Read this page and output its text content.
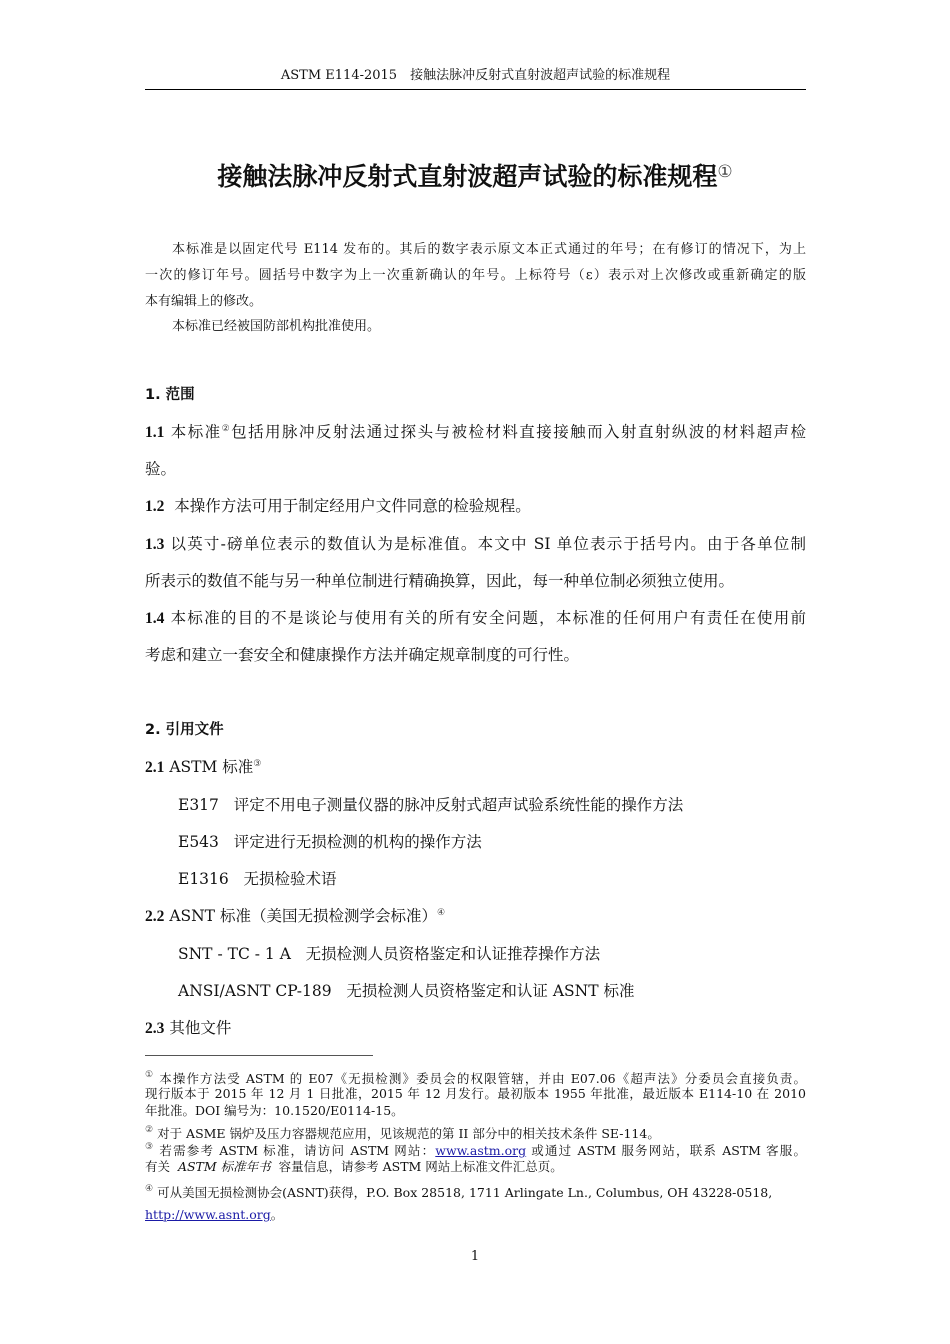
ASTM E114-2015　接触法脉冲反射式直射波超声试验的标准规程
接触法脉冲反射式直射波超声试验的标准规程①
本标准是以固定代号 E114 发布的。其后的数字表示原文本正式通过的年号；在有修订的情况下，为上
一次的修订年号。圆括号中数字为上一次重新确认的年号。上标符号（ε）表示对上次修改或重新确定的版
本有编辑上的修改。
本标准已经被国防部机构批准使用。
1. 范围
1.1 本标准②包括用脉冲反射法通过探头与被检材料直接接触而入射直射纵波的材料超声检
验。
1.2 本操作方法可用于制定经用户文件同意的检验规程。
1.3 以英寸-磅单位表示的数值认为是标准值。本文中 SI 单位表示于括号内。由于各单位制
所表示的数值不能与另一种单位制进行精确换算，因此，每一种单位制必须独立使用。
1.4 本标准的目的不是谈论与使用有关的所有安全问题，本标准的任何用户有责任在使用前
考虑和建立一套安全和健康操作方法并确定规章制度的可行性。
2. 引用文件
2.1 ASTM 标准③
E317 评定不用电子测量仪器的脉冲反射式超声试验系统性能的操作方法
E543 评定进行无损检测的机构的操作方法
E1316 无损检验术语
2.2 ASNT 标准（美国无损检测学会标准）④
SNT - TC - 1 A 无损检测人员资格鉴定和认证推荐操作方法
ANSI/ASNT CP-189 无损检测人员资格鉴定和认证 ASNT 标准
2.3 其他文件
① 本操作方法受 ASTM 的 E07《无损检测》委员会的权限管辖，并由 E07.06《超声法》分委员会直接负责。
现行版本于 2015 年 12 月 1 日批准，2015 年 12 月发行。最初版本 1955 年批准，最近版本 E114-10 在 2010
年批准。DOI 编号为：10.1520/E0114-15。
② 对于 ASME 锅炉及压力容器规范应用，见该规范的第 II 部分中的相关技术条件 SE-114。
③ 若需参考 ASTM 标准，请访问 ASTM 网站：www.astm.org 或通过 ASTM 服务网站，联系 ASTM 客服。
有关 ASTM 标准年书 容量信息，请参考 ASTM 网站上标准文件汇总页。
④ 可从美国无损检测协会(ASNT)获得，P.O. Box 28518, 1711 Arlingate Ln., Columbus, OH 43228-0518,
http://www.asnt.org。
1
